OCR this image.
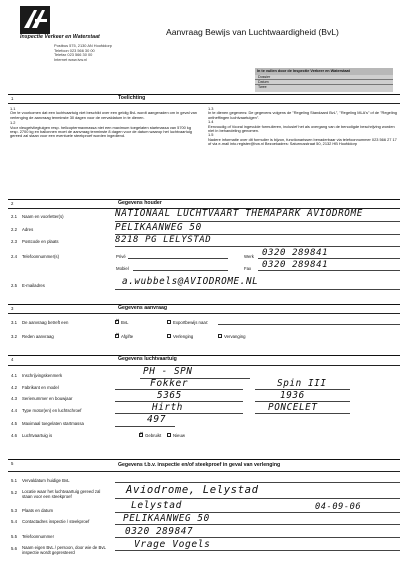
Inspectie Verkeer en Waterstaat	Aanvraag Bewijs van Luchtwaardigheid (BvL)
Postbus 575, 2130 AN Hoofddorp
Telefoon 023 566 30 00
Telefax 023 566 30 00
Internet www.ivw.nl
In te vullen door de Inspectie Verkeer en Waterstaat
Dossier
Datum
Twee
1	Toelichting
1.1
Om te voorkomen dat een luchtvaartuig niet beschikt over een geldig BvL wordt aangeraden om in geval van verlenging de aanvraag tenminste 30 dagen voor de vervaldatum in te dienen.
1.2
Voor vleugelvliegtuigen resp. helicoptermaxmassa niet een maximum toegelaten startmassa van 5700 kg resp. 2700 kg en ballonnen moet de aanvraag tenminste 8 dagen voor de datum waarop het luchtvaartuig gereed zal staan voor een eventuele steekproef worden ingediend.
1.3
In te dienen gegevens: De gegevens volgens de "Regeling Standaard BvL", "Regeling MLA's" of de "Regeling ontheffingen luchtvaartuigen".
1.4
Eenvoudig of Vooral ingevulde formulieren, inclusief het als overgang van de benodigde beschrijving worden niet in behandeling genomen.
1.5
Nadere informatie over dit formulier is bijzon, functionarissen benaderbaar via telefoonnummer 023 566 27 17 of via e-mail into.register@ivw.nl Bezoekadres: Saturnusstraat 50, 2132 HB Hoofddorp
2	Gegevens houder
2.1 Naam en voorletter(s)	NATIONAAL LUCHTVAART THEMAPARK AVIODROME
2.2 Adres	PELIKAANWEG 50
2.3 Postcode en plaats	8218 PG LELYSTAD
2.4 Telefoonnummer(s)	Privé	Werk 0320 289841
Mobiel	Fax 0320 289841
2.5 E-mailadres	a.wubbels@AVIODROME.NL
3	Gegevens aanvraag
3.1 De aanvraag betreft een ✕	BvL	Exportbewijs naar:
3.2 Reden aanvraag ✕	Afgifte	Verlenging	Vervanging
4	Gegevens luchtvaartuig
4.1 Inschrijvingskenmerk	PH - SPN
4.2 Fabrikant en model	Fokker	Spin III
4.3 Serienummer en bouwjaar	5365	1936
4.4 Type motor(en) en luchtschroef	Hirth	PONCELET
4.5 Maximaal toegelaten startmassa	497
4.6 Luchtvaartuig is ✕	Gebruikt	Nieuw
5	Gegevens t.b.v. inspectie en/of steekproef in geval van verlenging
5.1 Vervaldatum huidige BvL
5.2 Locatie waar het luchtvaartuig gereed zal staan voor een steekproef	Aviodrome, Lelystad
5.3 Plaats en datum	Lelystad	04-09-06
5.4 Contactadres inspectie / steekproef	PELIKAANWEG 50
5.5 Telefoonnummer	0320 289847
5.6 Naam eigen BvL / persoon, door wie de BvL inspectie wordt gepresteerd
Vrage Vogels
